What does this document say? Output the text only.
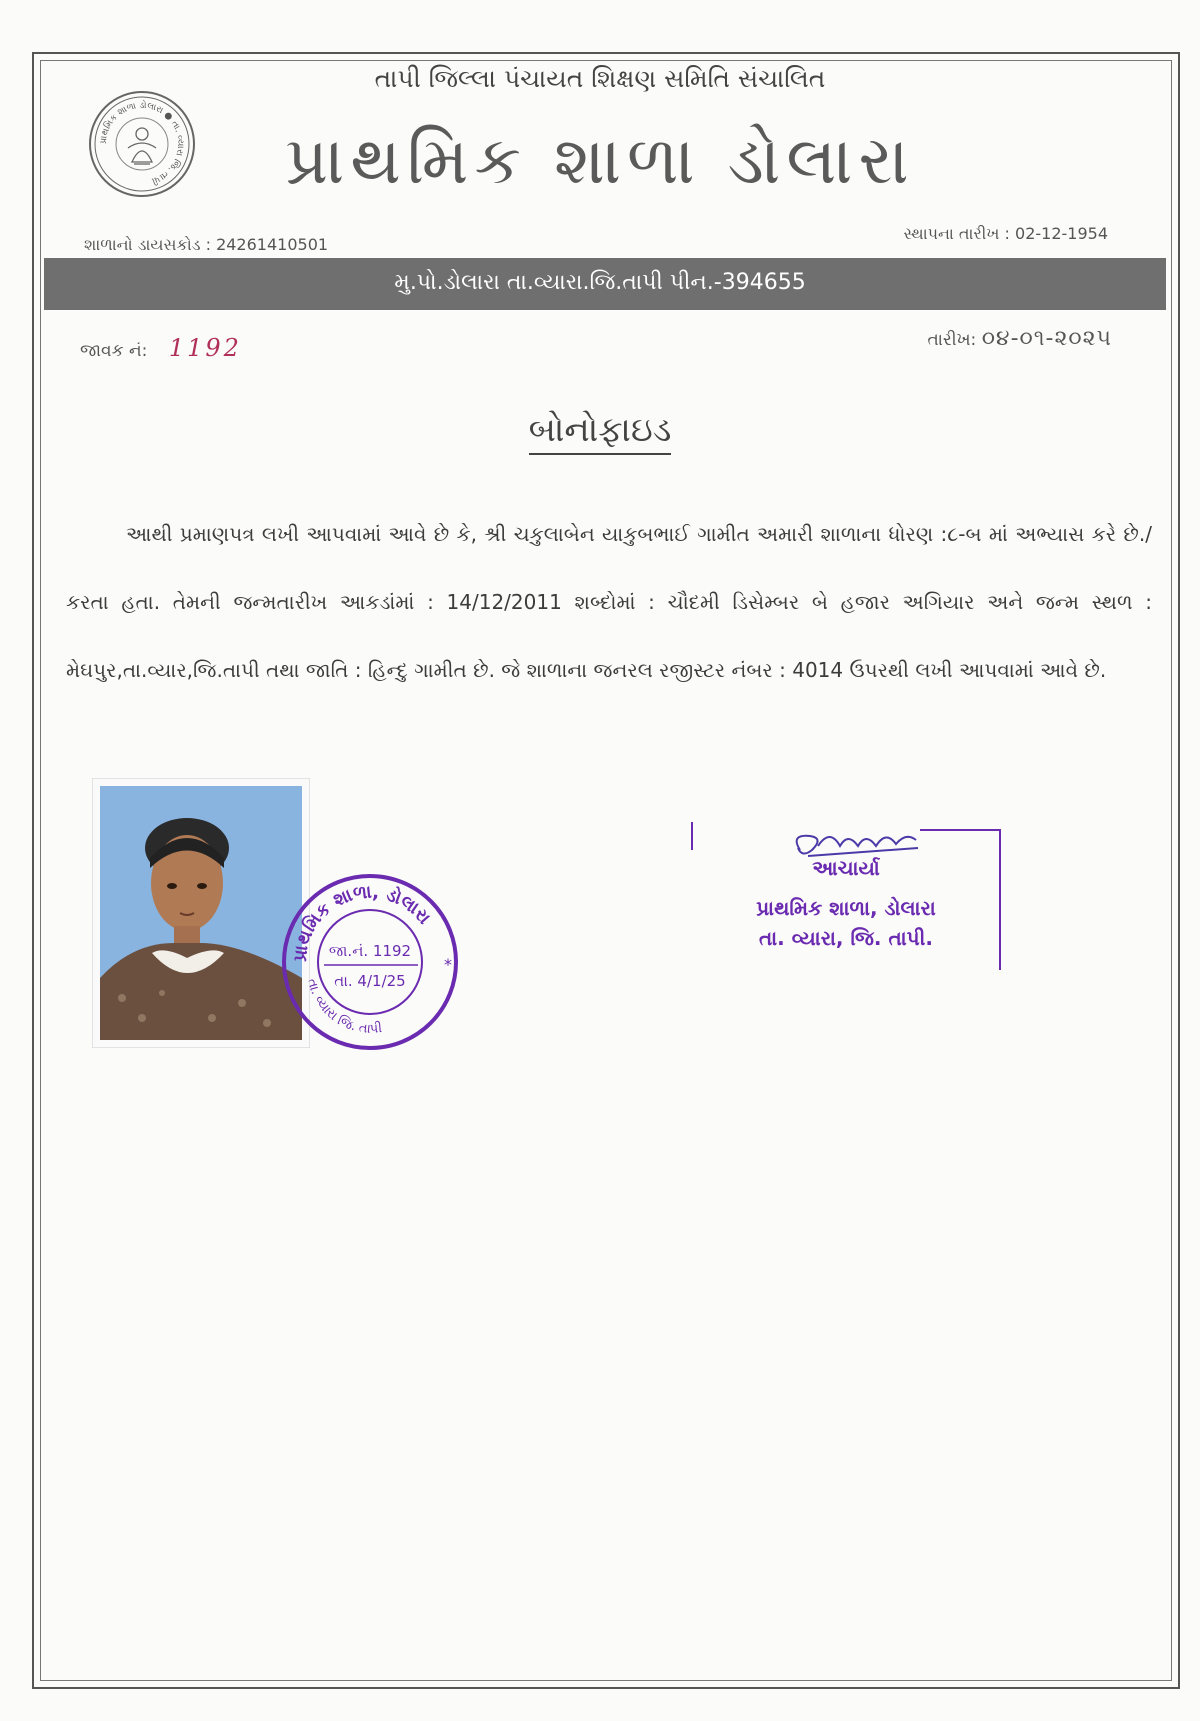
પ્રાથમિક શાળા ડોલારા ● તા. વ્યારા જિ. તાપી
તાપી જિલ્લા પંચાયત શિક્ષણ સમિતિ સંચાલિત
પ્રાથમિક શાળા ડોલારા
શાળાનો ડાયસકોડ : 24261410501
સ્થાપના તારીખ : 02-12-1954
મુ.પો.ડોલારા તા.વ્યારા.જિ.તાપી પીન.-394655
જાવક નં: 1192	તારીખ: ૦૪-૦૧-૨૦૨૫
બોનોફાઇડ
આથી પ્રમાણપત્ર લખી આપવામાં આવે છે કે, શ્રી ચકુલાબેન યાકુબભાઈ ગામીત અમારી શાળાના ધોરણ :૮-બ માં અભ્યાસ કરે છે./ કરતા હતા. તેમની જન્મતારીખ આકડાંમાં : 14/12/2011 શબ્દોમાં : ચૌદમી ડિસેમ્બર બે હજાર અગિયાર અને જન્મ સ્થળ : મેઘપુર,તા.વ્યાર,જિ.તાપી તથા જાતિ : હિન્દુ ગામીત છે. જે શાળાના જનરલ રજીસ્ટર નંબર : 4014 ઉપરથી લખી આપવામાં આવે છે.
પ્રાથમિક શાળા, ડોલારા
તા. વ્યારા જિ. તાપી
જા.નં. 1192
તા. 4/1/25
*
આચાર્યા
પ્રાથમિક શાળા, ડોલારા
તા. વ્યારા, જિ. તાપી.
